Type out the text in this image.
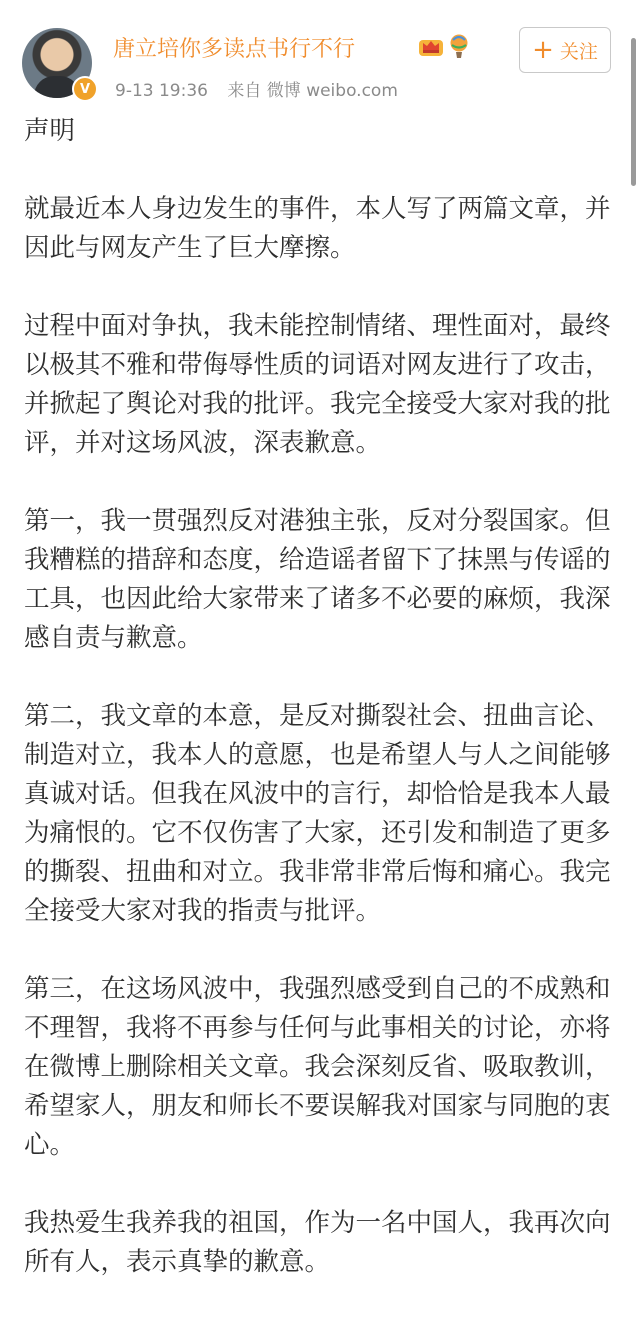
V
唐立培你多读点书行不行
9-13 19:36 来自 微博 weibo.com
+ 关注

声明

就最近本人身边发生的事件，本人写了两篇文章，并因此与网友产生了巨大摩擦。

过程中面对争执，我未能控制情绪、理性面对，最终以极其不雅和带侮辱性质的词语对网友进行了攻击，并掀起了舆论对我的批评。我完全接受大家对我的批评，并对这场风波，深表歉意。

第一，我一贯强烈反对港独主张，反对分裂国家。但我糟糕的措辞和态度，给造谣者留下了抹黑与传谣的工具，也因此给大家带来了诸多不必要的麻烦，我深感自责与歉意。

第二，我文章的本意，是反对撕裂社会、扭曲言论、制造对立，我本人的意愿，也是希望人与人之间能够真诚对话。但我在风波中的言行，却恰恰是我本人最为痛恨的。它不仅伤害了大家，还引发和制造了更多的撕裂、扭曲和对立。我非常非常后悔和痛心。我完全接受大家对我的指责与批评。

第三，在这场风波中，我强烈感受到自己的不成熟和不理智，我将不再参与任何与此事相关的讨论，亦将在微博上删除相关文章。我会深刻反省、吸取教训，希望家人，朋友和师长不要误解我对国家与同胞的衷心。

我热爱生我养我的祖国，作为一名中国人，我再次向所有人，表示真挚的歉意。
